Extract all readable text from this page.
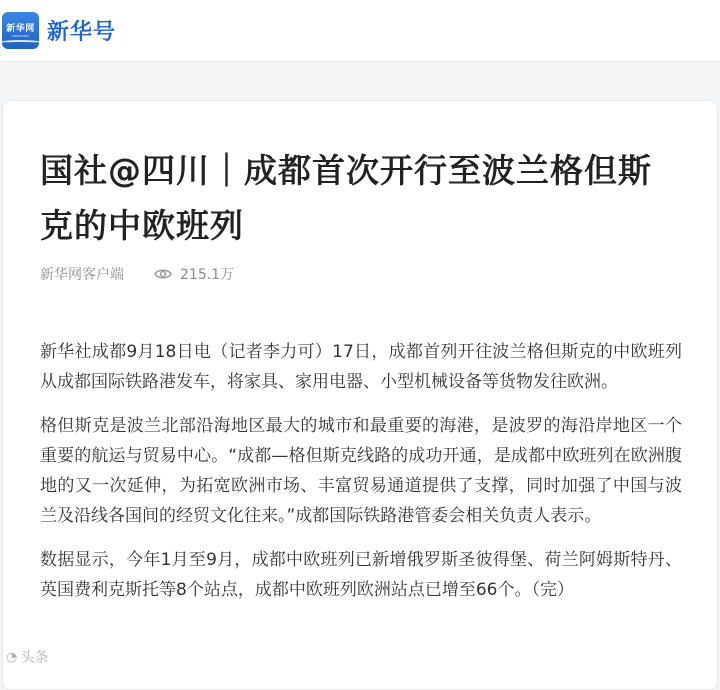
新华网
XINHUANET 新华号
国社@四川｜成都首次开行至波兰格但斯克的中欧班列
新华网客户端	215.1万

新华社成都9月18日电（记者李力可）17日，成都首列开往波兰格但斯克的中欧班列从成都国际铁路港发车，将家具、家用电器、小型机械设备等货物发往欧洲。

格但斯克是波兰北部沿海地区最大的城市和最重要的海港，是波罗的海沿岸地区一个重要的航运与贸易中心。“成都—格但斯克线路的成功开通，是成都中欧班列在欧洲腹地的又一次延伸，为拓宽欧洲市场、丰富贸易通道提供了支撑，同时加强了中国与波兰及沿线各国间的经贸文化往来。”成都国际铁路港管委会相关负责人表示。

数据显示，今年1月至9月，成都中欧班列已新增俄罗斯圣彼得堡、荷兰阿姆斯特丹、英国费利克斯托等8个站点，成都中欧班列欧洲站点已增至66个。（完）

◔ 头条
